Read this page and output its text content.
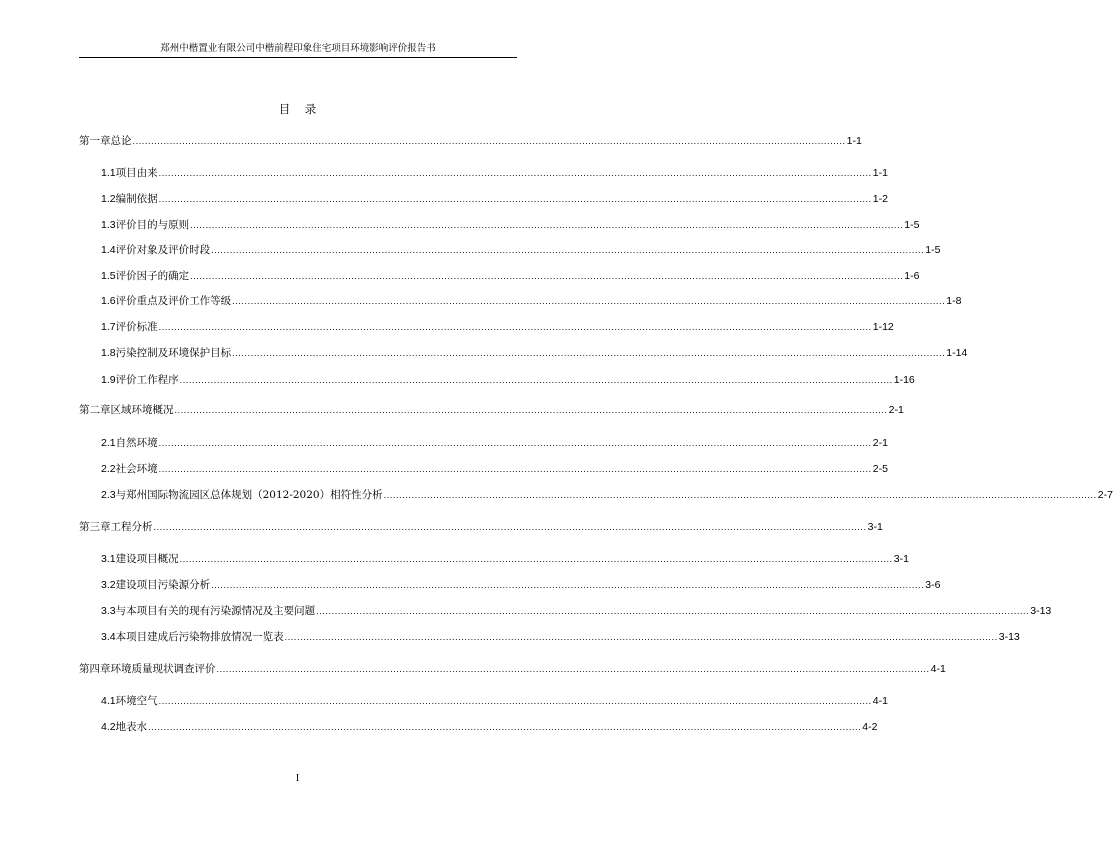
郑州中楷置业有限公司中楷前程印象住宅项目环境影响评价报告书
目    录
第一章 总论 ...................................................................................................................................................................................................................................... 1-1
1.1 项目由来 ...................................................................................................................................................................................................................................... 1-1
1.2 编制依据 ...................................................................................................................................................................................................................................... 1-2
1.3 评价目的与原则 ...................................................................................................................................................................................................................................... 1-5
1.4 评价对象及评价时段 ...................................................................................................................................................................................................................................... 1-5
1.5 评价因子的确定 ...................................................................................................................................................................................................................................... 1-6
1.6 评价重点及评价工作等级 ...................................................................................................................................................................................................................................... 1-8
1.7 评价标准 ...................................................................................................................................................................................................................................... 1-12
1.8 污染控制及环境保护目标 ...................................................................................................................................................................................................................................... 1-14
1.9 评价工作程序 ...................................................................................................................................................................................................................................... 1-16
第二章 区域环境概况 ...................................................................................................................................................................................................................................... 2-1
2.1 自然环境 ...................................................................................................................................................................................................................................... 2-1
2.2 社会环境 ...................................................................................................................................................................................................................................... 2-5
2.3 与郑州国际物流园区总体规划（2012-2020）相符性分析 ...................................................................................................................................................................................................................................... 2-7
第三章 工程分析 ...................................................................................................................................................................................................................................... 3-1
3.1 建设项目概况 ...................................................................................................................................................................................................................................... 3-1
3.2 建设项目污染源分析 ...................................................................................................................................................................................................................................... 3-6
3.3 与本项目有关的现有污染源情况及主要问题 ...................................................................................................................................................................................................................................... 3-13
3.4 本项目建成后污染物排放情况一览表 ...................................................................................................................................................................................................................................... 3-13
第四章 环境质量现状调查评价 ...................................................................................................................................................................................................................................... 4-1
4.1 环境空气 ...................................................................................................................................................................................................................................... 4-1
4.2 地表水 ...................................................................................................................................................................................................................................... 4-2
I
